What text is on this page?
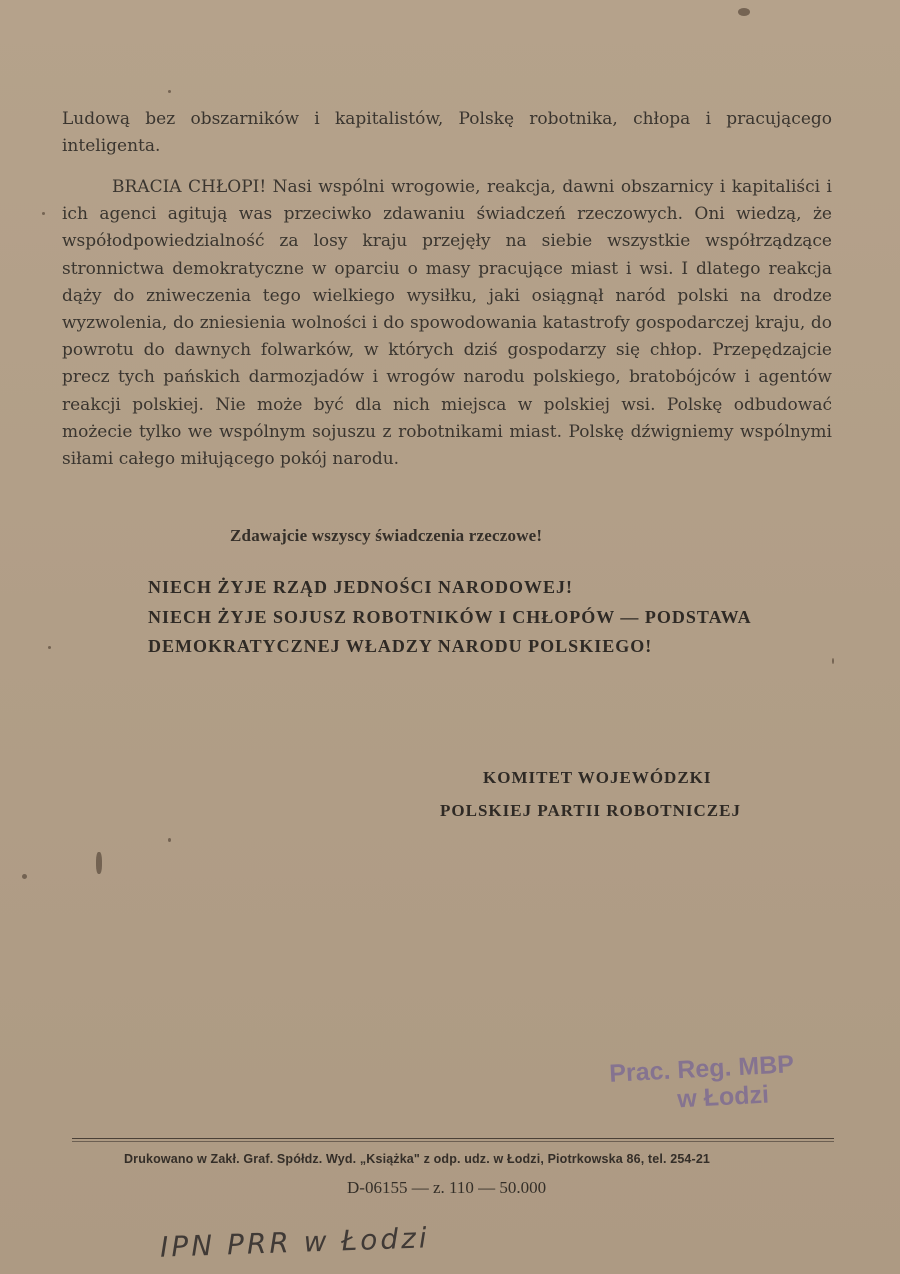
Ludową bez obszarników i kapitalistów, Polskę robotnika, chłopa i pracującego inteligenta.
BRACIA CHŁOPI! Nasi wspólni wrogowie, reakcja, dawni obszarnicy i kapitaliści i ich agenci agitują was przeciwko zdawaniu świadczeń rzeczowych. Oni wiedzą, że współodpowiedzialność za losy kraju przejęły na siebie wszystkie współrządzące stronnictwa demokratyczne w oparciu o masy pracujące miast i wsi. I dlatego reakcja dąży do zniweczenia tego wielkiego wysiłku, jaki osiągnął naród polski na drodze wyzwolenia, do zniesienia wolności i do spowodowania katastrofy gospodarczej kraju, do powrotu do dawnych folwarków, w których dziś gospodarzy się chłop. Przepędzajcie precz tych pańskich darmozjadów i wrogów narodu polskiego, bratobójców i agentów reakcji polskiej. Nie może być dla nich miejsca w polskiej wsi. Polskę odbudować możecie tylko we wspólnym sojuszu z robotnikami miast. Polskę dźwigniemy wspólnymi siłami całego miłującego pokój narodu.
Zdawajcie wszyscy świadczenia rzeczowe!
NIECH ŻYJE RZĄD JEDNOŚCI NARODOWEJ!
NIECH ŻYJE SOJUSZ ROBOTNIKÓW I CHŁOPÓW — PODSTAWA
DEMOKRATYCZNEJ WŁADZY NARODU POLSKIEGO!
KOMITET WOJEWÓDZKI
POLSKIEJ PARTII ROBOTNICZEJ
Prac. Reg. MBP
w Łodzi
Drukowano w Zakł. Graf. Spółdz. Wyd. „Książka" z odp. udz. w Łodzi, Piotrkowska 86, tel. 254-21
D-06155 — z. 110 — 50.000
IPN PRR w Łodzi
